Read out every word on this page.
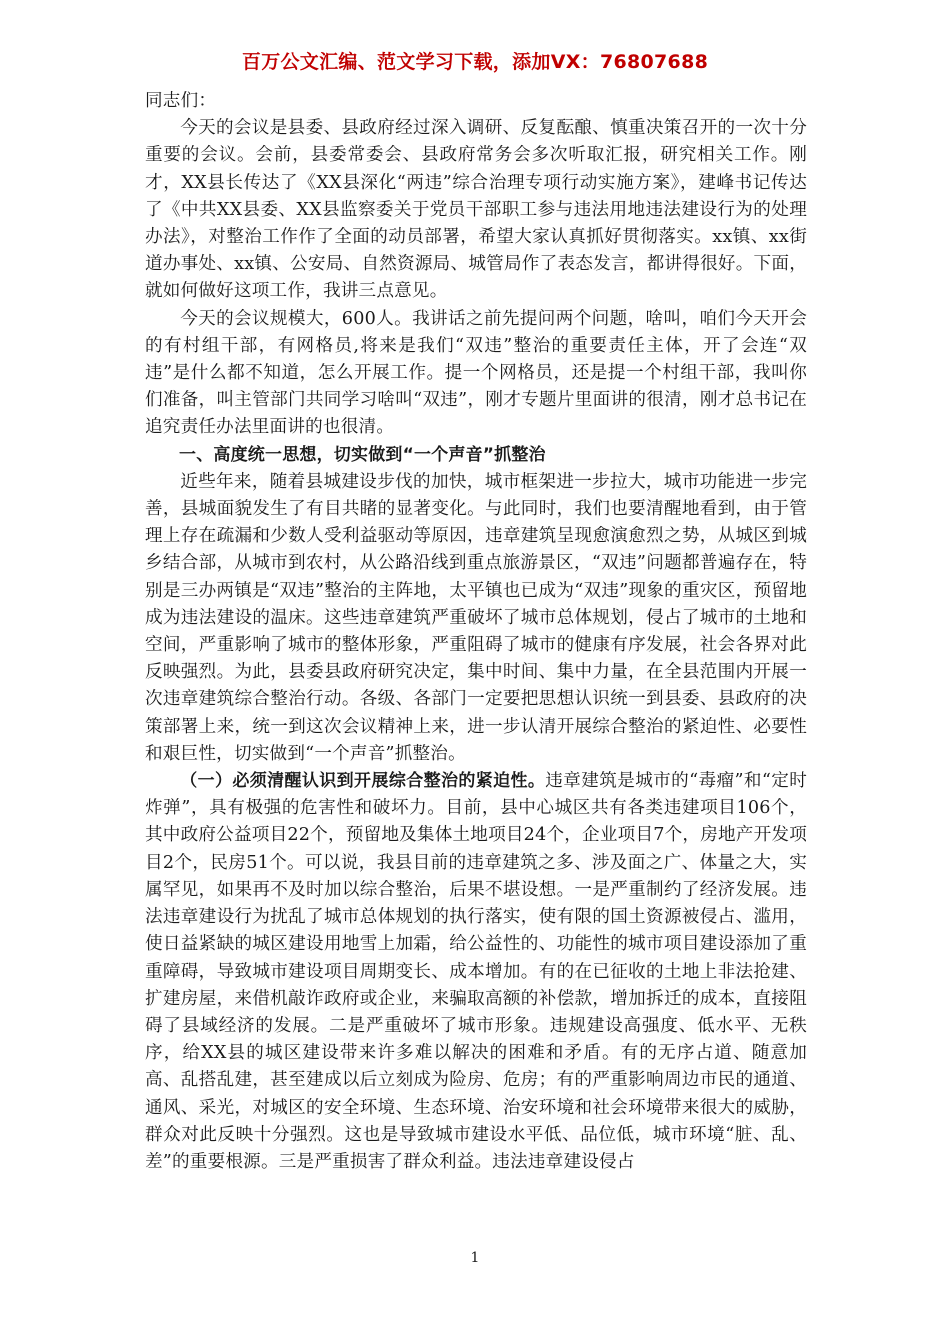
百万公文汇编、范文学习下载，添加VX：76807688

同志们：

今天的会议是县委、县政府经过深入调研、反复酝酿、慎重决策召开的一次十分重要的会议。会前，县委常委会、县政府常务会多次听取汇报，研究相关工作。刚才，XX县长传达了《XX县深化“两违”综合治理专项行动实施方案》，建峰书记传达了《中共XX县委、XX县监察委关于党员干部职工参与违法用地违法建设行为的处理办法》，对整治工作作了全面的动员部署，希望大家认真抓好贯彻落实。xx镇、xx街道办事处、xx镇、公安局、自然资源局、城管局作了表态发言，都讲得很好。下面，就如何做好这项工作，我讲三点意见。

今天的会议规模大，600人。我讲话之前先提问两个问题，啥叫，咱们今天开会的有村组干部，有网格员,将来是我们“双违”整治的重要责任主体，开了会连“双违”是什么都不知道，怎么开展工作。提一个网格员，还是提一个村组干部，我叫你们准备，叫主管部门共同学习啥叫“双违”，刚才专题片里面讲的很清，刚才总书记在追究责任办法里面讲的也很清。

一、高度统一思想，切实做到“一个声音”抓整治

近些年来，随着县城建设步伐的加快，城市框架进一步拉大，城市功能进一步完善，县城面貌发生了有目共睹的显著变化。与此同时，我们也要清醒地看到，由于管理上存在疏漏和少数人受利益驱动等原因，违章建筑呈现愈演愈烈之势，从城区到城乡结合部，从城市到农村，从公路沿线到重点旅游景区，“双违”问题都普遍存在，特别是三办两镇是“双违”整治的主阵地，太平镇也已成为“双违”现象的重灾区，预留地成为违法建设的温床。这些违章建筑严重破坏了城市总体规划，侵占了城市的土地和空间，严重影响了城市的整体形象，严重阻碍了城市的健康有序发展，社会各界对此反映强烈。为此，县委县政府研究决定，集中时间、集中力量，在全县范围内开展一次违章建筑综合整治行动。各级、各部门一定要把思想认识统一到县委、县政府的决策部署上来，统一到这次会议精神上来，进一步认清开展综合整治的紧迫性、必要性和艰巨性，切实做到“一个声音”抓整治。

（一）必须清醒认识到开展综合整治的紧迫性。违章建筑是城市的“毒瘤”和“定时炸弹”，具有极强的危害性和破坏力。目前，县中心城区共有各类违建项目106个，其中政府公益项目22个，预留地及集体土地项目24个，企业项目7个，房地产开发项目2个，民房51个。可以说，我县目前的违章建筑之多、涉及面之广、体量之大，实属罕见，如果再不及时加以综合整治，后果不堪设想。一是严重制约了经济发展。违法违章建设行为扰乱了城市总体规划的执行落实，使有限的国土资源被侵占、滥用，使日益紧缺的城区建设用地雪上加霜，给公益性的、功能性的城市项目建设添加了重重障碍，导致城市建设项目周期变长、成本增加。有的在已征收的土地上非法抢建、扩建房屋，来借机敲诈政府或企业，来骗取高额的补偿款，增加拆迁的成本，直接阻碍了县域经济的发展。二是严重破坏了城市形象。违规建设高强度、低水平、无秩序，给XX县的城区建设带来许多难以解决的困难和矛盾。有的无序占道、随意加高、乱搭乱建，甚至建成以后立刻成为险房、危房；有的严重影响周边市民的通道、通风、采光，对城区的安全环境、生态环境、治安环境和社会环境带来很大的威胁，群众对此反映十分强烈。这也是导致城市建设水平低、品位低，城市环境“脏、乱、差”的重要根源。三是严重损害了群众利益。违法违章建设侵占

1
